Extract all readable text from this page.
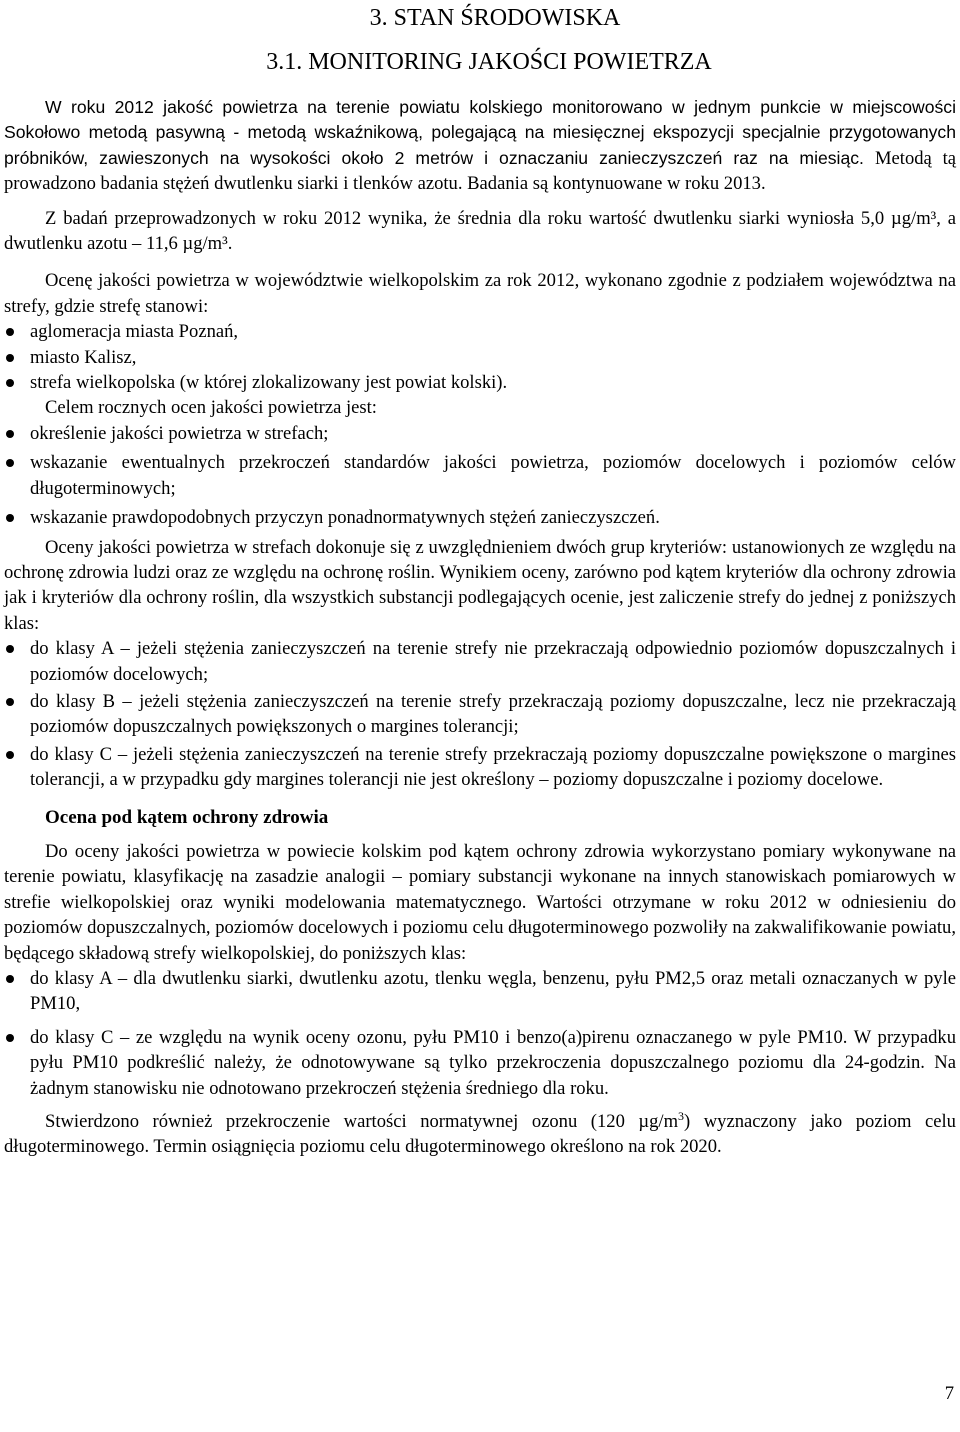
3. STAN ŚRODOWISKA
3.1. MONITORING JAKOŚCI POWIETRZA

W roku 2012 jakość powietrza na terenie powiatu kolskiego monitorowano w jednym punkcie w miejscowości Sokołowo metodą pasywną - metodą wskaźnikową, polegającą na miesięcznej ekspozycji specjalnie przygotowanych próbników, zawieszonych na wysokości około 2 metrów i oznaczaniu zanieczyszczeń raz na miesiąc. Metodą tą prowadzono badania stężeń dwutlenku siarki i tlenków azotu. Badania są kontynuowane w roku 2013.

Z badań przeprowadzonych w roku 2012 wynika, że średnia dla roku wartość dwutlenku siarki wyniosła 5,0 µg/m³, a dwutlenku azotu – 11,6 µg/m³.

Ocenę jakości powietrza w województwie wielkopolskim za rok 2012, wykonano zgodnie z podziałem województwa na strefy, gdzie strefę stanowi:

aglomeracja miasta Poznań,
miasto Kalisz,
strefa wielkopolska (w której zlokalizowany jest powiat kolski).

Celem rocznych ocen jakości powietrza jest:

określenie jakości powietrza w strefach;
wskazanie ewentualnych przekroczeń standardów jakości powietrza, poziomów docelowych i poziomów celów długoterminowych;
wskazanie prawdopodobnych przyczyn ponadnormatywnych stężeń zanieczyszczeń.

Oceny jakości powietrza w strefach dokonuje się z uwzględnieniem dwóch grup kryteriów: ustanowionych ze względu na ochronę zdrowia ludzi oraz ze względu na ochronę roślin. Wynikiem oceny, zarówno pod kątem kryteriów dla ochrony zdrowia jak i kryteriów dla ochrony roślin, dla wszystkich substancji podlegających ocenie, jest zaliczenie strefy do jednej z poniższych klas:

do klasy A – jeżeli stężenia zanieczyszczeń na terenie strefy nie przekraczają odpowiednio poziomów dopuszczalnych i poziomów docelowych;
do klasy B – jeżeli stężenia zanieczyszczeń na terenie strefy przekraczają poziomy dopuszczalne, lecz nie przekraczają poziomów dopuszczalnych powiększonych o margines tolerancji;
do klasy C – jeżeli stężenia zanieczyszczeń na terenie strefy przekraczają poziomy dopuszczalne powiększone o margines tolerancji, a w przypadku gdy margines tolerancji nie jest określony – poziomy dopuszczalne i poziomy docelowe.
Ocena pod kątem ochrony zdrowia

Do oceny jakości powietrza w powiecie kolskim pod kątem ochrony zdrowia wykorzystano pomiary wykonywane na terenie powiatu, klasyfikację na zasadzie analogii – pomiary substancji wykonane na innych stanowiskach pomiarowych w strefie wielkopolskiej oraz wyniki modelowania matematycznego. Wartości otrzymane w roku 2012 w odniesieniu do poziomów dopuszczalnych, poziomów docelowych i poziomu celu długoterminowego pozwoliły na zakwalifikowanie powiatu, będącego składową strefy wielkopolskiej, do poniższych klas:

do klasy A – dla dwutlenku siarki, dwutlenku azotu, tlenku węgla, benzenu, pyłu PM2,5 oraz metali oznaczanych w pyle PM10,
do klasy C – ze względu na wynik oceny ozonu, pyłu PM10 i benzo(a)pirenu oznaczanego w pyle PM10. W przypadku pyłu PM10 podkreślić należy, że odnotowywane są tylko przekroczenia dopuszczalnego poziomu dla 24-godzin. Na żadnym stanowisku nie odnotowano przekroczeń stężenia średniego dla roku.

Stwierdzono również przekroczenie wartości normatywnej ozonu (120 $\mu g/m^3$) wyznaczony jako poziom celu długoterminowego. Termin osiągnięcia poziomu celu długoterminowego określono na rok 2020.

7
